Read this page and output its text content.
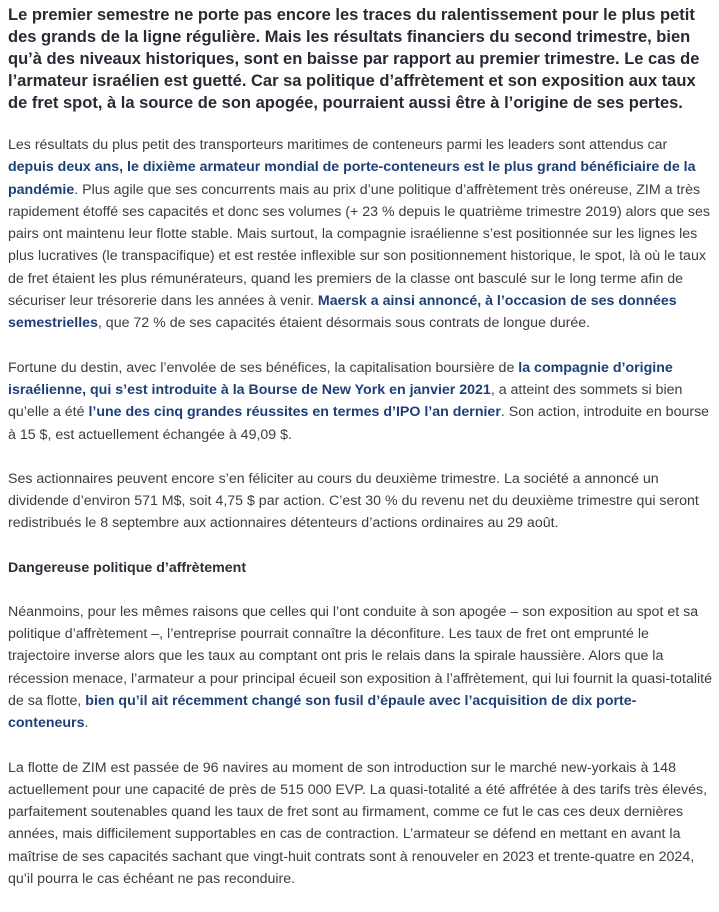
Le premier semestre ne porte pas encore les traces du ralentissement pour le plus petit des grands de la ligne régulière. Mais les résultats financiers du second trimestre, bien qu’à des niveaux historiques, sont en baisse par rapport au premier trimestre. Le cas de l’armateur israélien est guetté. Car sa politique d’affrètement et son exposition aux taux de fret spot, à la source de son apogée, pourraient aussi être à l’origine de ses pertes.

Les résultats du plus petit des transporteurs maritimes de conteneurs parmi les leaders sont attendus car depuis deux ans, le dixième armateur mondial de porte-conteneurs est le plus grand bénéficiaire de la pandémie. Plus agile que ses concurrents mais au prix d’une politique d’affrètement très onéreuse, ZIM a très rapidement étoffé ses capacités et donc ses volumes (+ 23 % depuis le quatrième trimestre 2019) alors que ses pairs ont maintenu leur flotte stable. Mais surtout, la compagnie israélienne s’est positionnée sur les lignes les plus lucratives (le transpacifique) et est restée inflexible sur son positionnement historique, le spot, là où le taux de fret étaient les plus rémunérateurs, quand les premiers de la classe ont basculé sur le long terme afin de sécuriser leur trésorerie dans les années à venir. Maersk a ainsi annoncé, à l’occasion de ses données semestrielles, que 72 % de ses capacités étaient désormais sous contrats de longue durée.

Fortune du destin, avec l’envolée de ses bénéfices, la capitalisation boursière de la compagnie d’origine israélienne, qui s’est introduite à la Bourse de New York en janvier 2021, a atteint des sommets si bien qu’elle a été l’une des cinq grandes réussites en termes d’IPO l’an dernier. Son action, introduite en bourse à 15 $, est actuellement échangée à 49,09 $.

Ses actionnaires peuvent encore s’en féliciter au cours du deuxième trimestre. La société a annoncé un dividende d’environ 571 M$, soit 4,75 $ par action. C’est 30 % du revenu net du deuxième trimestre qui seront redistribués le 8 septembre aux actionnaires détenteurs d’actions ordinaires au 29 août.

Dangereuse politique d’affrètement

Néanmoins, pour les mêmes raisons que celles qui l’ont conduite à son apogée – son exposition au spot et sa politique d’affrètement –, l’entreprise pourrait connaître la déconfiture. Les taux de fret ont emprunté le trajectoire inverse alors que les taux au comptant ont pris le relais dans la spirale haussière. Alors que la récession menace, l’armateur a pour principal écueil son exposition à l’affrètement, qui lui fournit la quasi-totalité de sa flotte, bien qu’il ait récemment changé son fusil d’épaule avec l’acquisition de dix porte-conteneurs.

La flotte de ZIM est passée de 96 navires au moment de son introduction sur le marché new-yorkais à 148 actuellement pour une capacité de près de 515 000 EVP. La quasi-totalité a été affrétée à des tarifs très élevés, parfaitement soutenables quand les taux de fret sont au firmament, comme ce fut le cas ces deux dernières années, mais difficilement supportables en cas de contraction. L’armateur se défend en mettant en avant la maîtrise de ses capacités sachant que vingt-huit contrats sont à renouveler en 2023 et trente-quatre en 2024, qu’il pourra le cas échéant ne pas reconduire.
